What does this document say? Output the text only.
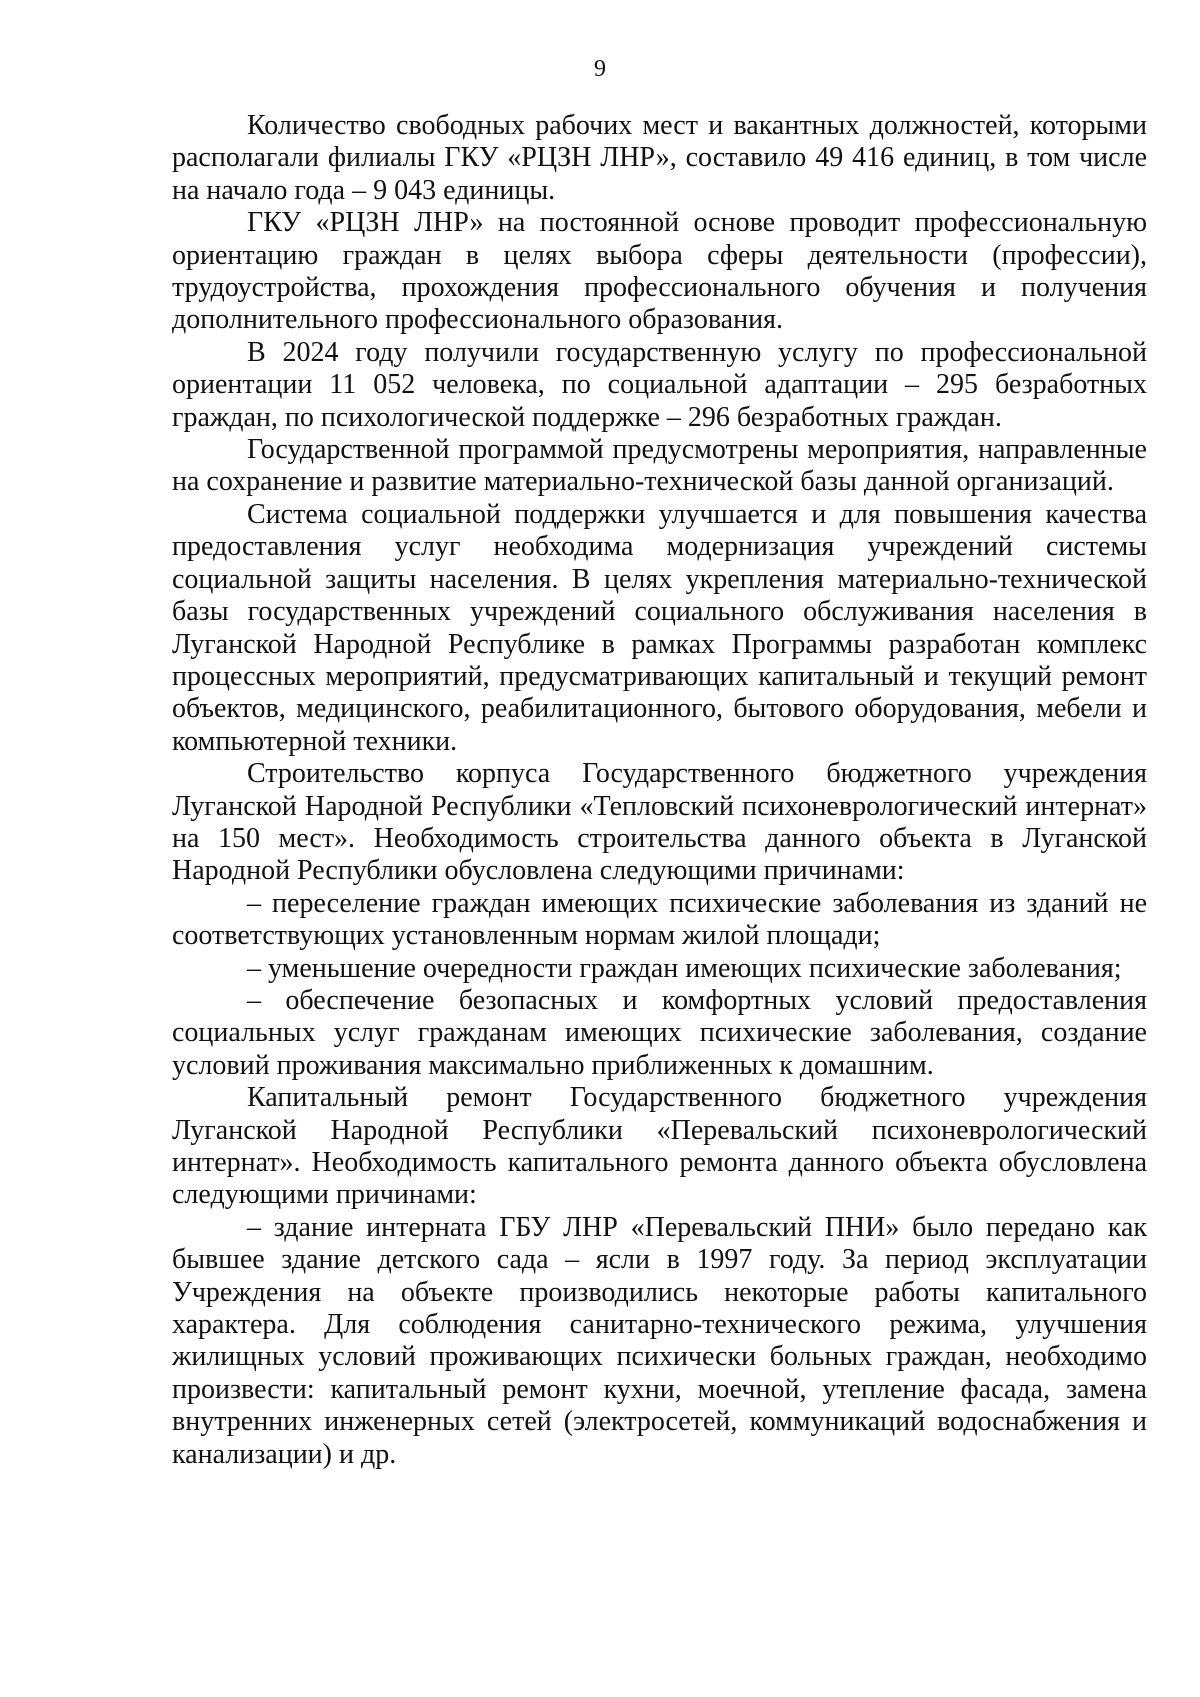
9

Количество свободных рабочих мест и вакантных должностей, которыми располагали филиалы ГКУ «РЦЗН ЛНР», составило 49 416 единиц, в том числе на начало года – 9 043 единицы.

ГКУ «РЦЗН ЛНР» на постоянной основе проводит профессиональную ориентацию граждан в целях выбора сферы деятельности (профессии), трудоустройства, прохождения профессионального обучения и получения дополнительного профессионального образования.

В 2024 году получили государственную услугу по профессиональной ориентации 11 052 человека, по социальной адаптации – 295 безработных граждан, по психологической поддержке – 296 безработных граждан.

Государственной программой предусмотрены мероприятия, направленные на сохранение и развитие материально-технической базы данной организаций.

Система социальной поддержки улучшается и для повышения качества предоставления услуг необходима модернизация учреждений системы социальной защиты населения. В целях укрепления материально-технической базы государственных учреждений социального обслуживания населения в Луганской Народной Республике в рамках Программы разработан комплекс процессных мероприятий, предусматривающих капитальный и текущий ремонт объектов, медицинского, реабилитационного, бытового оборудования, мебели и компьютерной техники.

Строительство корпуса Государственного бюджетного учреждения Луганской Народной Республики «Тепловский психоневрологический интернат» на 150 мест». Необходимость строительства данного объекта в Луганской Народной Республики обусловлена следующими причинами:

– переселение граждан имеющих психические заболевания из зданий не соответствующих установленным нормам жилой площади;

– уменьшение очередности граждан имеющих психические заболевания;

– обеспечение безопасных и комфортных условий предоставления социальных услуг гражданам имеющих психические заболевания, создание условий проживания максимально приближенных к домашним.

Капитальный ремонт Государственного бюджетного учреждения Луганской Народной Республики «Перевальский психоневрологический интернат». Необходимость капитального ремонта данного объекта обусловлена следующими причинами:

– здание интерната ГБУ ЛНР «Перевальский ПНИ» было передано как бывшее здание детского сада – ясли в 1997 году. За период эксплуатации Учреждения на объекте производились некоторые работы капитального характера. Для соблюдения санитарно-технического режима, улучшения жилищных условий проживающих психически больных граждан, необходимо произвести: капитальный ремонт кухни, моечной, утепление фасада, замена внутренних инженерных сетей (электросетей, коммуникаций водоснабжения и канализации) и др.
